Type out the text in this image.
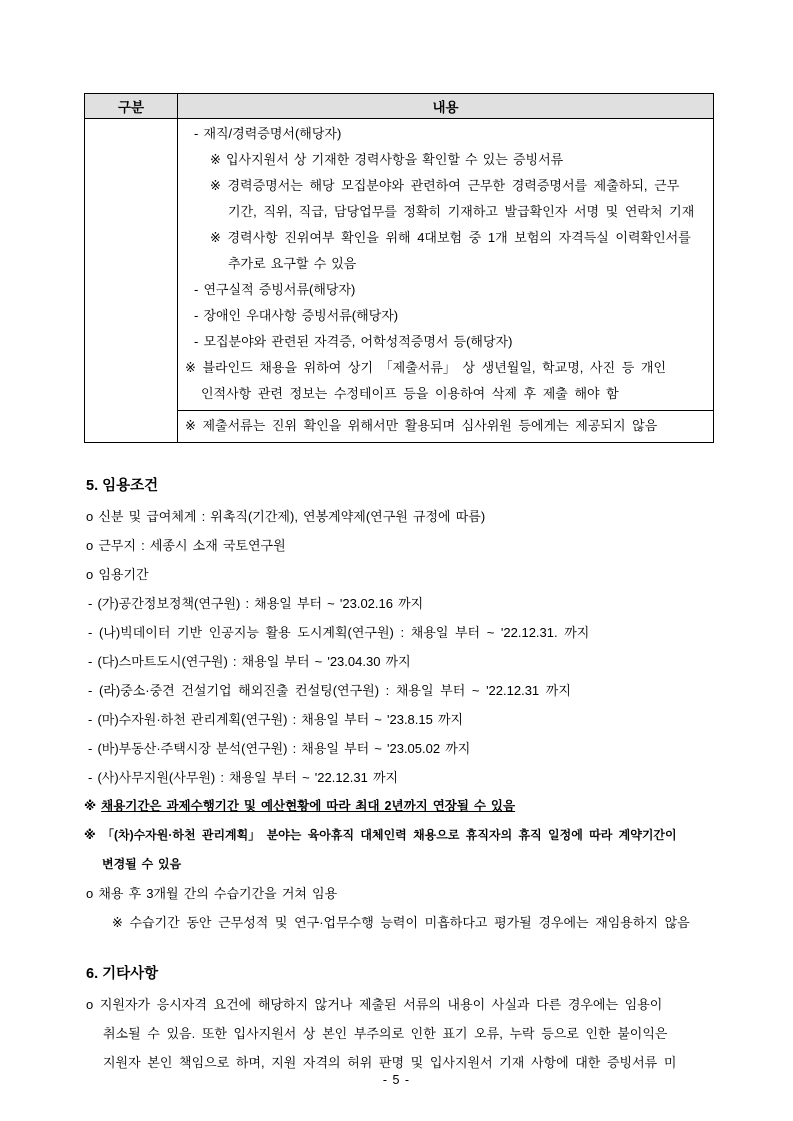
구분	내용

- 재직/경력증명서(해당자)
※ 입사지원서 상 기재한 경력사항을 확인할 수 있는 증빙서류
※ 경력증명서는 해당 모집분야와 관련하여 근무한 경력증명서를 제출하되, 근무
기간, 직위, 직급, 담당업무를 정확히 기재하고 발급확인자 서명 및 연락처 기재
※ 경력사항 진위여부 확인을 위해 4대보험 중 1개 보험의 자격득실 이력확인서를
추가로 요구할 수 있음
- 연구실적 증빙서류(해당자)
- 장애인 우대사항 증빙서류(해당자)
- 모집분야와 관련된 자격증, 어학성적증명서 등(해당자)
※ 블라인드 채용을 위하여 상기 「제출서류」 상 생년월일, 학교명, 사진 등 개인
인적사항 관련 정보는 수정테이프 등을 이용하여 삭제 후 제출 해야 함

	※ 제출서류는 진위 확인을 위해서만 활용되며 심사위원 등에게는 제공되지 않음
5. 임용조건
o 신분 및 급여체계 : 위촉직(기간제), 연봉계약제(연구원 규정에 따름)
o 근무지 : 세종시 소재 국토연구원
o 임용기간
- (가)공간정보정책(연구원) : 채용일 부터 ~ '23.02.16 까지
- (나)빅데이터 기반 인공지능 활용 도시계획(연구원) : 채용일 부터 ~ '22.12.31. 까지
- (다)스마트도시(연구원) : 채용일 부터 ~ '23.04.30 까지
- (라)중소·중견 건설기업 해외진출 컨설팅(연구원) : 채용일 부터 ~ '22.12.31 까지
- (마)수자원·하천 관리계획(연구원) : 채용일 부터 ~ '23.8.15 까지
- (바)부동산·주택시장 분석(연구원) : 채용일 부터 ~ '23.05.02 까지
- (사)사무지원(사무원) : 채용일 부터 ~ '22.12.31 까지
※ 채용기간은 과제수행기간 및 예산현황에 따라 최대 2년까지 연장될 수 있음
※ 「(차)수자원·하천 관리계획」 분야는 육아휴직 대체인력 채용으로 휴직자의 휴직 일정에 따라 계약기간이
변경될 수 있음
o 채용 후 3개월 간의 수습기간을 거쳐 임용
※ 수습기간 동안 근무성적 및 연구·업무수행 능력이 미흡하다고 평가될 경우에는 재임용하지 않음
6. 기타사항
o 지원자가 응시자격 요건에 해당하지 않거나 제출된 서류의 내용이 사실과 다른 경우에는 임용이
취소될 수 있음. 또한 입사지원서 상 본인 부주의로 인한 표기 오류, 누락 등으로 인한 불이익은
지원자 본인 책임으로 하며, 지원 자격의 허위 판명 및 입사지원서 기재 사항에 대한 증빙서류 미
- 5 -
